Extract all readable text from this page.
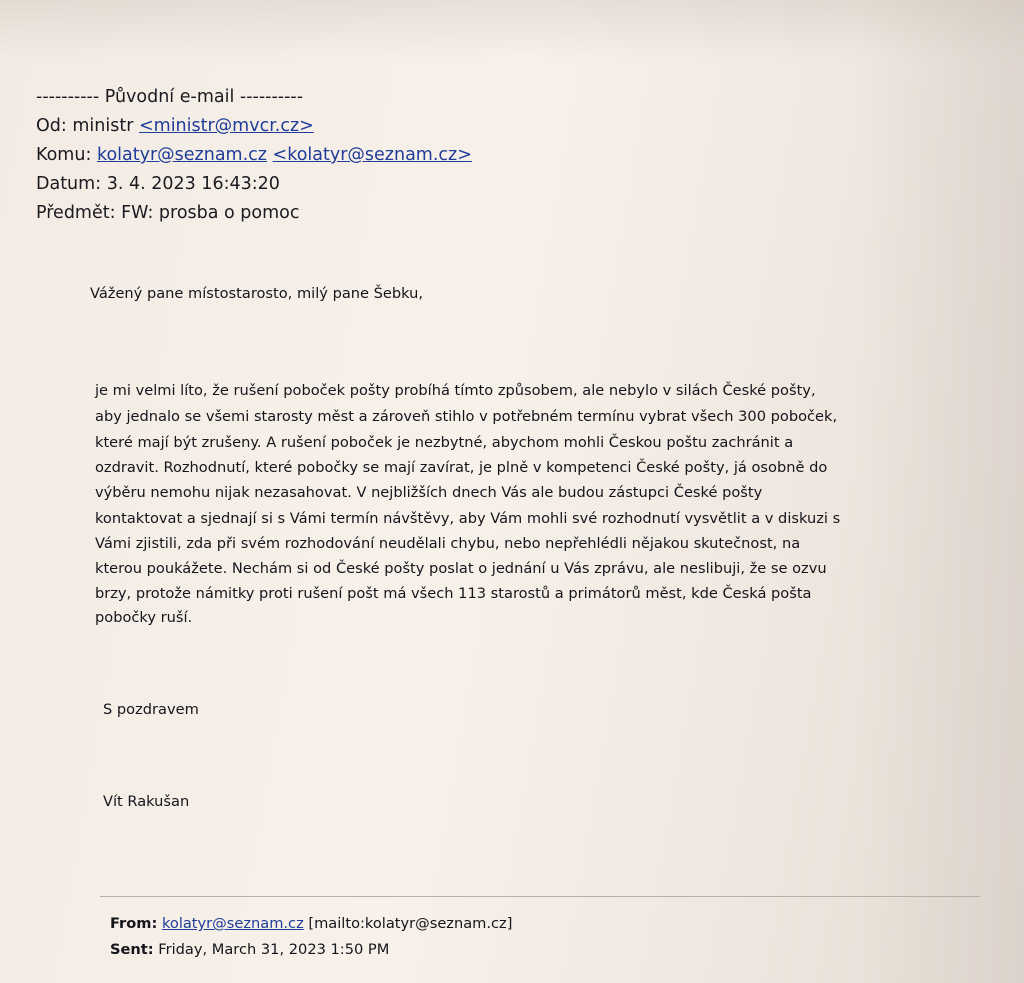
---------- Původní e-mail ----------
Od: ministr <ministr@mvcr.cz>
Komu: kolatyr@seznam.cz <kolatyr@seznam.cz>
Datum: 3. 4. 2023 16:43:20
Předmět: FW: prosba o pomoc
Vážený pane místostarosto, milý pane Šebku,
je mi velmi líto, že rušení poboček pošty probíhá tímto způsobem, ale nebylo v silách České pošty,
aby jednalo se všemi starosty měst a zároveň stihlo v potřebném termínu vybrat všech 300 poboček,
které mají být zrušeny. A rušení poboček je nezbytné, abychom mohli Českou poštu zachránit a
ozdravit. Rozhodnutí, které pobočky se mají zavírat, je plně v kompetenci České pošty, já osobně do
výběru nemohu nijak nezasahovat. V nejbližších dnech Vás ale budou zástupci České pošty
kontaktovat a sjednají si s Vámi termín návštěvy, aby Vám mohli své rozhodnutí vysvětlit a v diskuzi s
Vámi zjistili, zda při svém rozhodování neudělali chybu, nebo nepřehlédli nějakou skutečnost, na
kterou poukážete. Nechám si od České pošty poslat o jednání u Vás zprávu, ale neslibuji, že se ozvu
brzy, protože námitky proti rušení pošt má všech 113 starostů a primátorů měst, kde Česká pošta
pobočky ruší.
S pozdravem
Vít Rakušan
From: kolatyr@seznam.cz [mailto:kolatyr@seznam.cz]
Sent: Friday, March 31, 2023 1:50 PM
